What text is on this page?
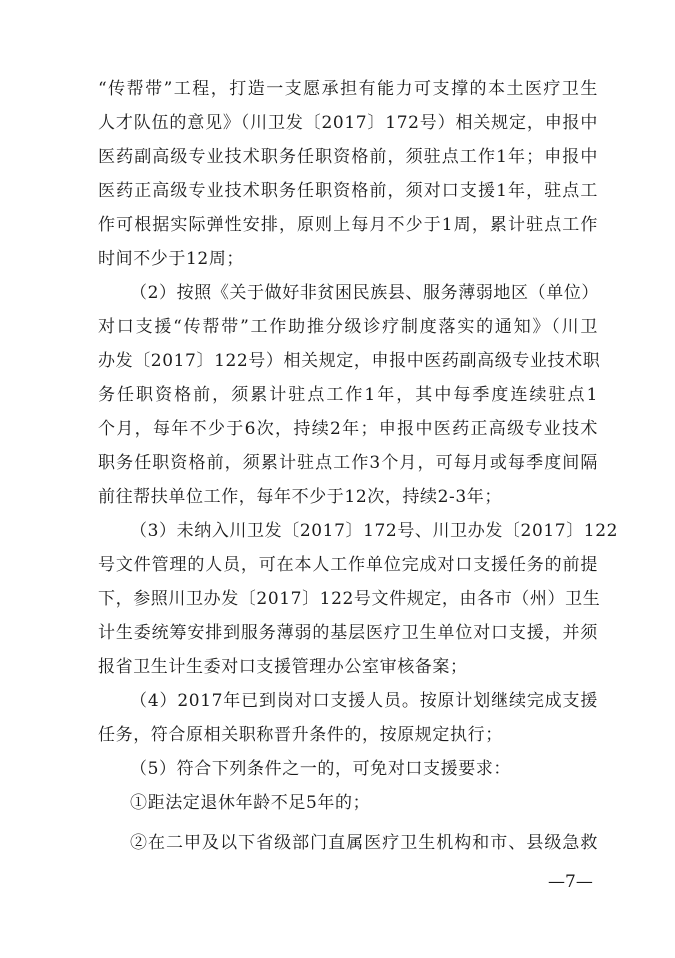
“传帮带”工程，打造一支愿承担有能力可支撑的本土医疗卫生
人才队伍的意见》（川卫发〔2017〕172号）相关规定，申报中
医药副高级专业技术职务任职资格前，须驻点工作1年；申报中
医药正高级专业技术职务任职资格前，须对口支援1年，驻点工
作可根据实际弹性安排，原则上每月不少于1周，累计驻点工作
时间不少于12周；
（2）按照《关于做好非贫困民族县、服务薄弱地区（单位）
对口支援“传帮带”工作助推分级诊疗制度落实的通知》（川卫
办发〔2017〕122号）相关规定，申报中医药副高级专业技术职
务任职资格前，须累计驻点工作1年，其中每季度连续驻点1
个月，每年不少于6次，持续2年；申报中医药正高级专业技术
职务任职资格前，须累计驻点工作3个月，可每月或每季度间隔
前往帮扶单位工作，每年不少于12次，持续2-3年；
（3）未纳入川卫发〔2017〕172号、川卫办发〔2017〕122
号文件管理的人员，可在本人工作单位完成对口支援任务的前提
下，参照川卫办发〔2017〕122号文件规定，由各市（州）卫生
计生委统筹安排到服务薄弱的基层医疗卫生单位对口支援，并须
报省卫生计生委对口支援管理办公室审核备案；
（4）2017年已到岗对口支援人员。按原计划继续完成支援
任务，符合原相关职称晋升条件的，按原规定执行；
（5）符合下列条件之一的，可免对口支援要求：
①距法定退休年龄不足5年的；
—7—
②在二甲及以下省级部门直属医疗卫生机构和市、县级急救
